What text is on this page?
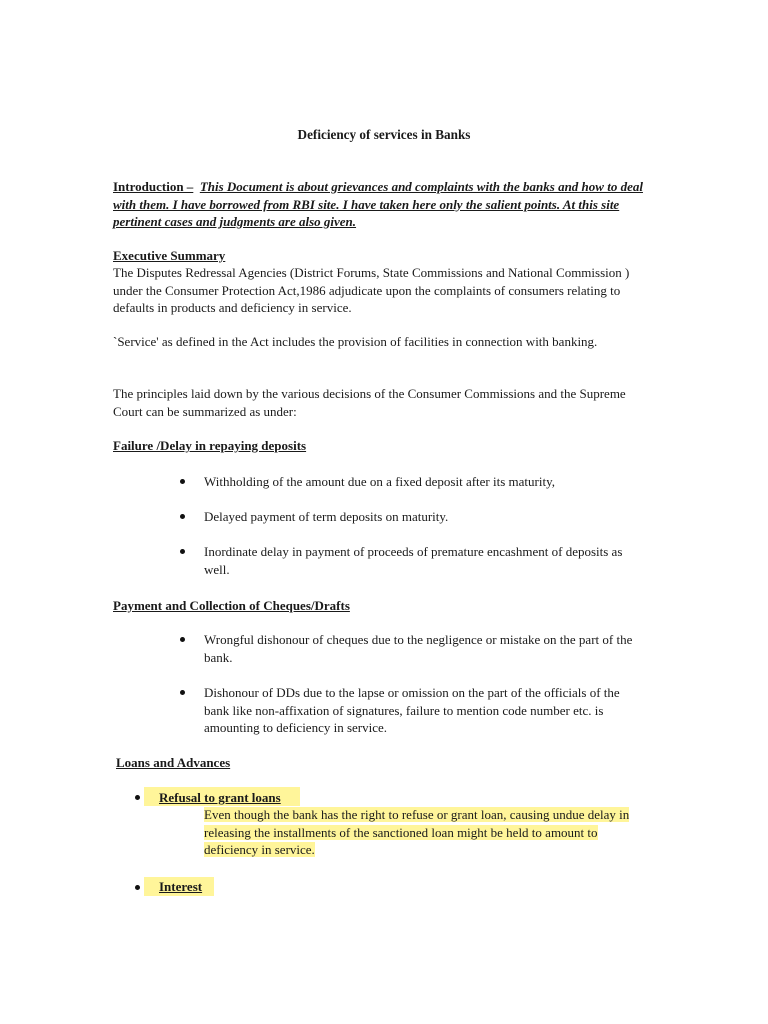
Deficiency of services in Banks
Introduction – This Document is about grievances and complaints with the banks and how to deal with them. I have borrowed from RBI site. I have taken here only the salient points. At this site pertinent cases and judgments are also given.
Executive Summary
The Disputes Redressal Agencies (District Forums, State Commissions and National Commission ) under the Consumer Protection Act,1986 adjudicate upon the complaints of consumers relating to defaults in products and deficiency in service.
`Service' as defined in the Act includes the provision of facilities in connection with banking.
The principles laid down by the various decisions of the Consumer Commissions and the Supreme Court can be summarized as under:
Failure /Delay in repaying deposits
Withholding of the amount due on a fixed deposit after its maturity,
Delayed payment of term deposits on maturity.
Inordinate delay in payment of proceeds of premature encashment of deposits as well.
Payment and Collection of Cheques/Drafts
Wrongful dishonour of cheques due to the negligence or mistake on the part of the bank.
Dishonour of DDs due to the lapse or omission on the part of the officials of the bank like non-affixation of signatures, failure to mention code number etc. is amounting to deficiency in service.
Loans and Advances
Refusal to grant loans
Even though the bank has the right to refuse or grant loan, causing undue delay in releasing the installments of the sanctioned loan might be held to amount to deficiency in service.
Interest
